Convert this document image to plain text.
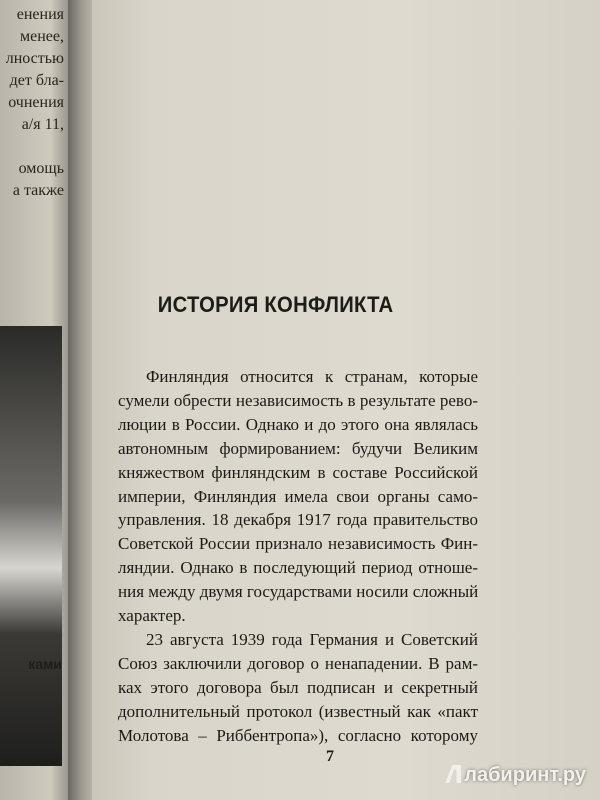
енения
менее,
лностью
дет бла-
очнения
а/я 11,

омощь
а также
ками
ИСТОРИЯ КОНФЛИКТА
Финляндия относится к странам, которые
сумели обрести независимость в результате рево-
люции в России. Однако и до этого она являлась
автономным формированием: будучи Великим
княжеством финляндским в составе Российской
империи, Финляндия имела свои органы само-
управления. 18 декабря 1917 года правительство
Советской России признало независимость Фин-
ляндии. Однако в последующий период отноше-
ния между двумя государствами носили сложный
характер.
23 августа 1939 года Германия и Советский
Союз заключили договор о ненападении. В рам-
ках этого договора был подписан и секретный
дополнительный протокол (известный как «пакт
Молотова – Риббентропа»), согласно которому
7
лабиринт.ру
